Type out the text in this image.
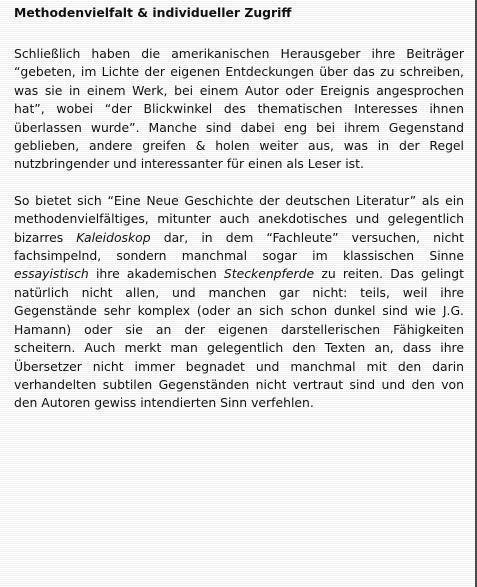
Methodenvielfalt & individueller Zugriff

Schließlich haben die amerikanischen Herausgeber ihre Beiträger “gebeten, im Lichte der eigenen Entdeckungen über das zu schreiben, was sie in einem Werk, bei einem Autor oder Ereignis angesprochen hat”, wobei “der Blickwinkel des thematischen Interesses ihnen überlassen wurde”. Manche sind dabei eng bei ihrem Gegenstand geblieben, andere greifen & holen weiter aus, was in der Regel nutzbringender und interessanter für einen als Leser ist.

So bietet sich “Eine Neue Geschichte der deutschen Literatur” als ein methodenvielfältiges, mitunter auch anekdotisches und gelegentlich bizarres Kaleidoskop dar, in dem “Fachleute” versuchen, nicht fachsimpelnd, sondern manchmal sogar im klassischen Sinne essayistisch ihre akademischen Steckenpferde zu reiten. Das gelingt natürlich nicht allen, und manchen gar nicht: teils, weil ihre Gegenstände sehr komplex (oder an sich schon dunkel sind wie J.G. Hamann) oder sie an der eigenen darstellerischen Fähigkeiten scheitern. Auch merkt man gelegentlich den Texten an, dass ihre Übersetzer nicht immer begnadet und manchmal mit den darin verhandelten subtilen Gegenständen nicht vertraut sind und den von den Autoren gewiss intendierten Sinn verfehlen.
